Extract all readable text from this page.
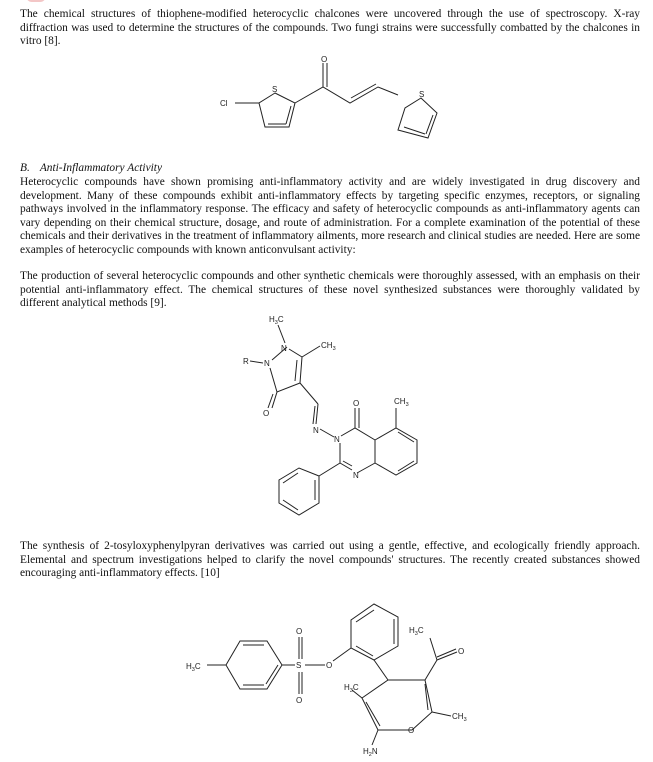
The chemical structures of thiophene-modified heterocyclic chalcones were uncovered through the use of spectroscopy. X-ray diffraction was used to determine the structures of the compounds. Two fungi strains were successfully combatted by the chalcones in vitro [8].

Cl
S
O
S
B. Anti-Inflammatory Activity

Heterocyclic compounds have shown promising anti-inflammatory activity and are widely investigated in drug discovery and development. Many of these compounds exhibit anti-inflammatory effects by targeting specific enzymes, receptors, or signaling pathways involved in the inflammatory response. The efficacy and safety of heterocyclic compounds as anti-inflammatory agents can vary depending on their chemical structure, dosage, and route of administration. For a complete examination of the potential of these chemicals and their derivatives in the treatment of inflammatory ailments, more research and clinical studies are needed. Here are some examples of heterocyclic compounds with known anticonvulsant activity:

The production of several heterocyclic compounds and other synthetic chemicals were thoroughly assessed, with an emphasis on their potential anti-inflammatory effect. The chemical structures of these novel synthesized substances were thoroughly validated by different analytical methods [9].

$H_3C$
N
N
R
$CH_3$
O
N
N
N
O	$CH_3$

The synthesis of 2-tosyloxyphenylpyran derivatives was carried out using a gentle, effective, and ecologically friendly approach. Elemental and spectrum investigations helped to clarify the novel compounds' structures. The recently created substances showed encouraging anti-inflammatory effects. [10]

$H_3C$	S
O
O
O
O
O
$H_3C$
$H_3C$
$CH_3$
$H_2N$
